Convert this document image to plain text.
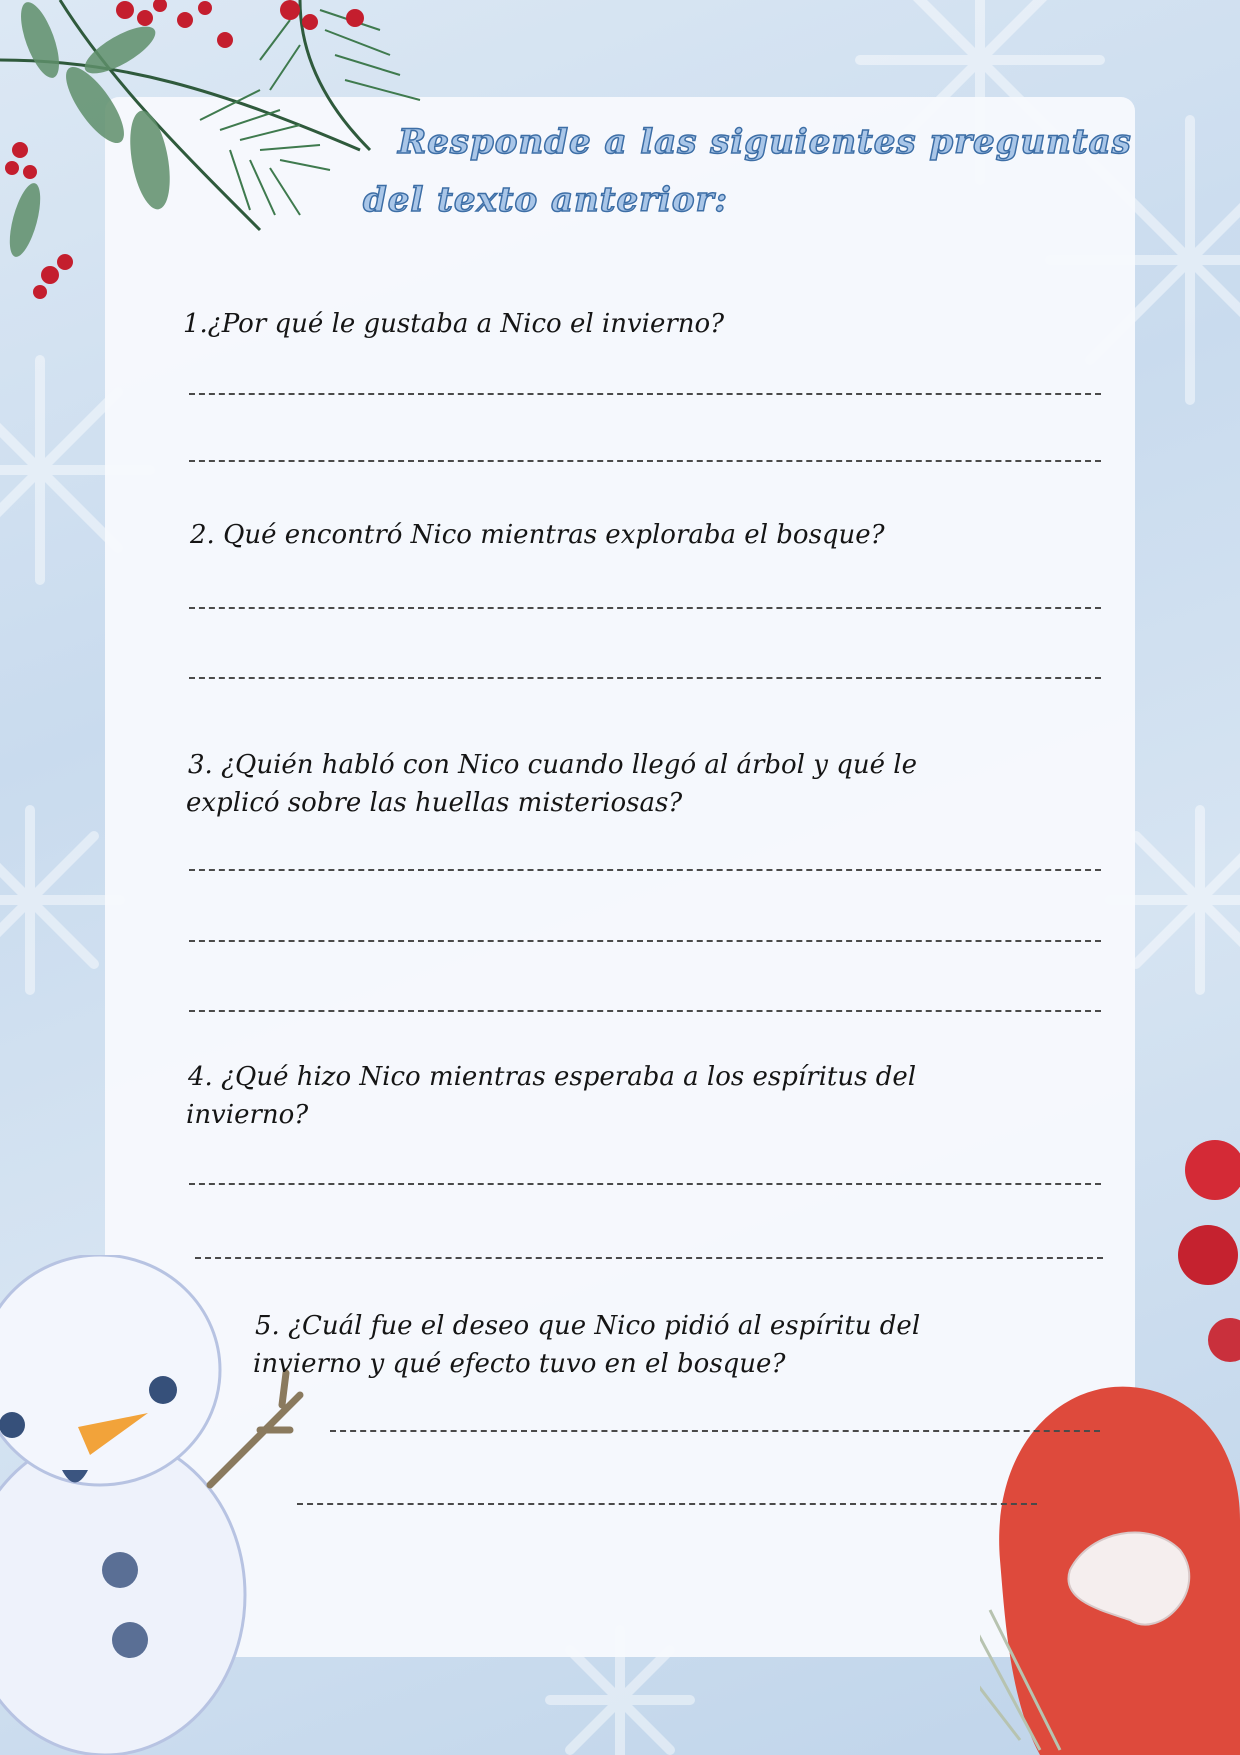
Responde a las siguientes preguntas
del texto anterior:
1.¿Por qué le gustaba a Nico el invierno?
2. Qué encontró Nico mientras exploraba el bosque?
3. ¿Quién habló con Nico cuando llegó al árbol y qué le
explicó sobre las huellas misteriosas?
4. ¿Qué hizo Nico mientras esperaba a los espíritus del
invierno?
5. ¿Cuál fue el deseo que Nico pidió al espíritu del
invierno y qué efecto tuvo en el bosque?
